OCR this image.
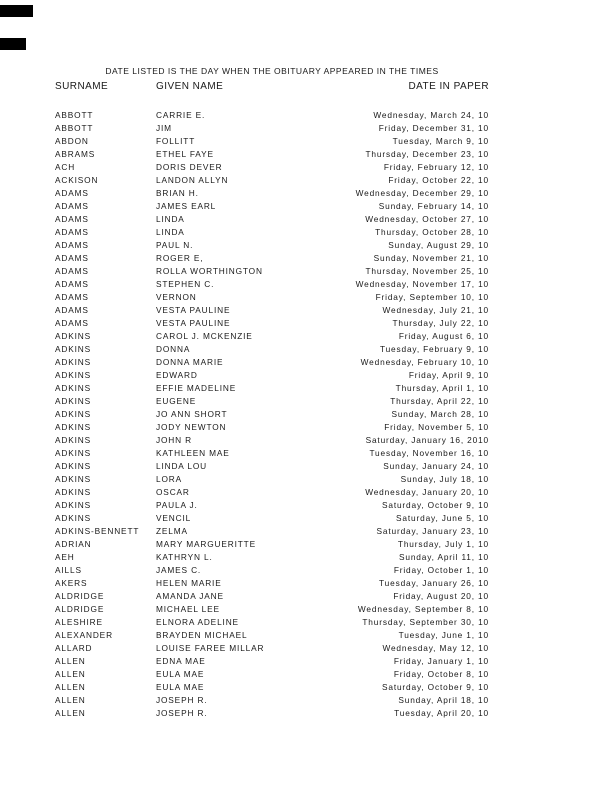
DATE LISTED IS THE DAY WHEN THE OBITUARY APPEARED IN THE TIMES
SURNAME	GIVEN NAME	DATE IN PAPER
ABBOTT	CARRIE E.	Wednesday, March 24, 10
ABBOTT	JIM	Friday, December 31, 10
ABDON	FOLLITT	Tuesday, March 9, 10
ABRAMS	ETHEL FAYE	Thursday, December 23, 10
ACH	DORIS DEVER	Friday, February 12, 10
ACKISON	LANDON ALLYN	Friday, October 22, 10
ADAMS	BRIAN H.	Wednesday, December 29, 10
ADAMS	JAMES EARL	Sunday, February 14, 10
ADAMS	LINDA	Wednesday, October 27, 10
ADAMS	LINDA	Thursday, October 28, 10
ADAMS	PAUL N.	Sunday, August 29, 10
ADAMS	ROGER E,	Sunday, November 21, 10
ADAMS	ROLLA WORTHINGTON	Thursday, November 25, 10
ADAMS	STEPHEN C.	Wednesday, November 17, 10
ADAMS	VERNON	Friday, September 10, 10
ADAMS	VESTA PAULINE	Wednesday, July 21, 10
ADAMS	VESTA PAULINE	Thursday, July 22, 10
ADKINS	CAROL J. MCKENZIE	Friday, August 6, 10
ADKINS	DONNA	Tuesday, February 9, 10
ADKINS	DONNA MARIE	Wednesday, February 10, 10
ADKINS	EDWARD	Friday, April 9, 10
ADKINS	EFFIE MADELINE	Thursday, April 1, 10
ADKINS	EUGENE	Thursday, April 22, 10
ADKINS	JO ANN SHORT	Sunday, March 28, 10
ADKINS	JODY NEWTON	Friday, November 5, 10
ADKINS	JOHN R	Saturday, January 16, 2010
ADKINS	KATHLEEN MAE	Tuesday, November 16, 10
ADKINS	LINDA LOU	Sunday, January 24, 10
ADKINS	LORA	Sunday, July 18, 10
ADKINS	OSCAR	Wednesday, January 20, 10
ADKINS	PAULA J.	Saturday, October 9, 10
ADKINS	VENCIL	Saturday, June 5, 10
ADKINS-BENNETT	ZELMA	Saturday, January 23, 10
ADRIAN	MARY MARGUERITTE	Thursday, July 1, 10
AEH	KATHRYN L.	Sunday, April 11, 10
AILLS	JAMES C.	Friday, October 1, 10
AKERS	HELEN MARIE	Tuesday, January 26, 10
ALDRIDGE	AMANDA JANE	Friday, August 20, 10
ALDRIDGE	MICHAEL LEE	Wednesday, September 8, 10
ALESHIRE	ELNORA ADELINE	Thursday, September 30, 10
ALEXANDER	BRAYDEN MICHAEL	Tuesday, June 1, 10
ALLARD	LOUISE FAREE MILLAR	Wednesday, May 12, 10
ALLEN	EDNA MAE	Friday, January 1, 10
ALLEN	EULA MAE	Friday, October 8, 10
ALLEN	EULA MAE	Saturday, October 9, 10
ALLEN	JOSEPH R.	Sunday, April 18, 10
ALLEN	JOSEPH R.	Tuesday, April 20, 10
